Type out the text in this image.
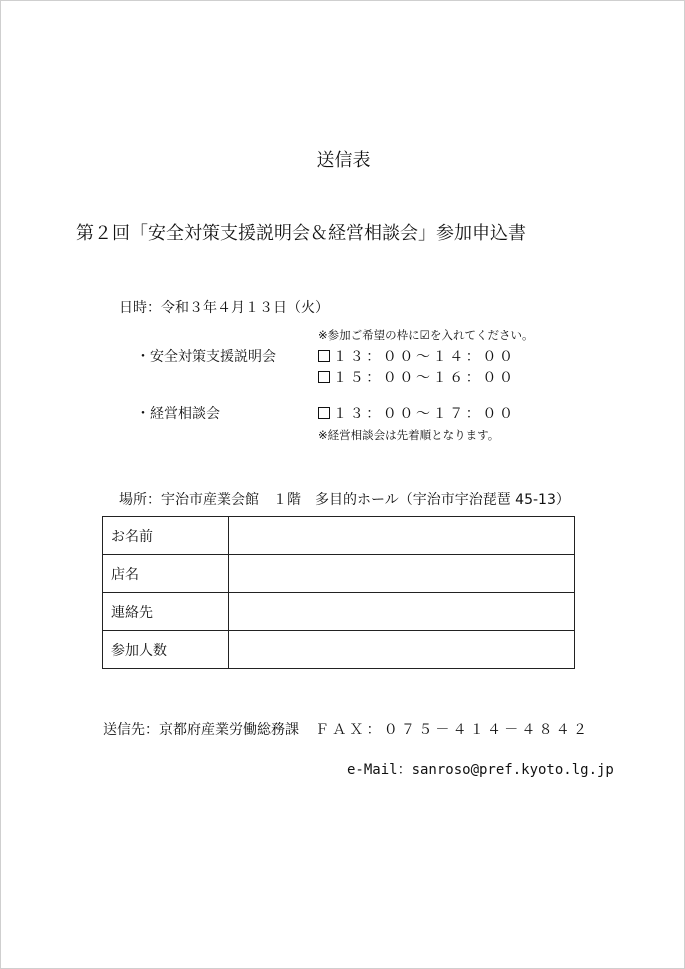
送信表
第２回「安全対策支援説明会＆経営相談会」参加申込書
日時：令和３年４月１３日（火）
※参加ご希望の枠に☑を入れてください。
・安全対策支援説明会	１３：００～１４：００
１５：００～１６：００
・経営相談会	１３：００～１７：００
※経営相談会は先着順となります。
場所：宇治市産業会館　１階　多目的ホール（宇治市宇治琵琶 45-13）
お名前	
店名	
連絡先	
参加人数	
送信先：京都府産業労働総務課 ＦＡＸ：０７５－４１４－４８４２
e-Mail：sanroso@pref.kyoto.lg.jp
